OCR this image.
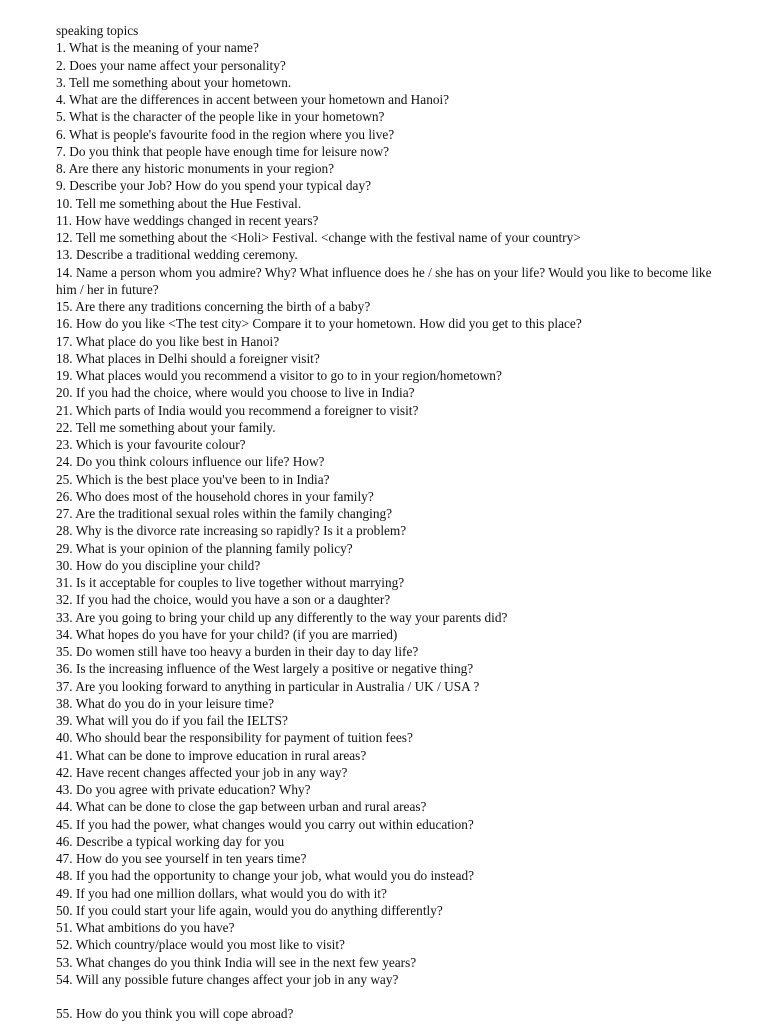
speaking topics
1. What is the meaning of your name?
2. Does your name affect your personality?
3. Tell me something about your hometown.
4. What are the differences in accent between your hometown and Hanoi?
5. What is the character of the people like in your hometown?
6. What is people's favourite food in the region where you live?
7. Do you think that people have enough time for leisure now?
8. Are there any historic monuments in your region?
9. Describe your Job? How do you spend your typical day?
10. Tell me something about the Hue Festival.
11. How have weddings changed in recent years?
12. Tell me something about the <Holi> Festival. <change with the festival name of your country>
13. Describe a traditional wedding ceremony.
14. Name a person whom you admire? Why? What influence does he / she has on your life? Would you like to become like him / her in future?
15. Are there any traditions concerning the birth of a baby?
16. How do you like <The test city> Compare it to your hometown. How did you get to this place?
17. What place do you like best in Hanoi?
18. What places in Delhi should a foreigner visit?
19. What places would you recommend a visitor to go to in your region/hometown?
20. If you had the choice, where would you choose to live in India?
21. Which parts of India would you recommend a foreigner to visit?
22. Tell me something about your family.
23. Which is your favourite colour?
24. Do you think colours influence our life? How?
25. Which is the best place you've been to in India?
26. Who does most of the household chores in your family?
27. Are the traditional sexual roles within the family changing?
28. Why is the divorce rate increasing so rapidly? Is it a problem?
29. What is your opinion of the planning family policy?
30. How do you discipline your child?
31. Is it acceptable for couples to live together without marrying?
32. If you had the choice, would you have a son or a daughter?
33. Are you going to bring your child up any differently to the way your parents did?
34. What hopes do you have for your child? (if you are married)
35. Do women still have too heavy a burden in their day to day life?
36. Is the increasing influence of the West largely a positive or negative thing?
37. Are you looking forward to anything in particular in Australia / UK / USA ?
38. What do you do in your leisure time?
39. What will you do if you fail the IELTS?
40. Who should bear the responsibility for payment of tuition fees?
41. What can be done to improve education in rural areas?
42. Have recent changes affected your job in any way?
43. Do you agree with private education? Why?
44. What can be done to close the gap between urban and rural areas?
45. If you had the power, what changes would you carry out within education?
46. Describe a typical working day for you
47. How do you see yourself in ten years time?
48. If you had the opportunity to change your job, what would you do instead?
49. If you had one million dollars, what would you do with it?
50. If you could start your life again, would you do anything differently?
51. What ambitions do you have?
52. Which country/place would you most like to visit?
53. What changes do you think India will see in the next few years?
54. Will any possible future changes affect your job in any way?
55. How do you think you will cope abroad?
